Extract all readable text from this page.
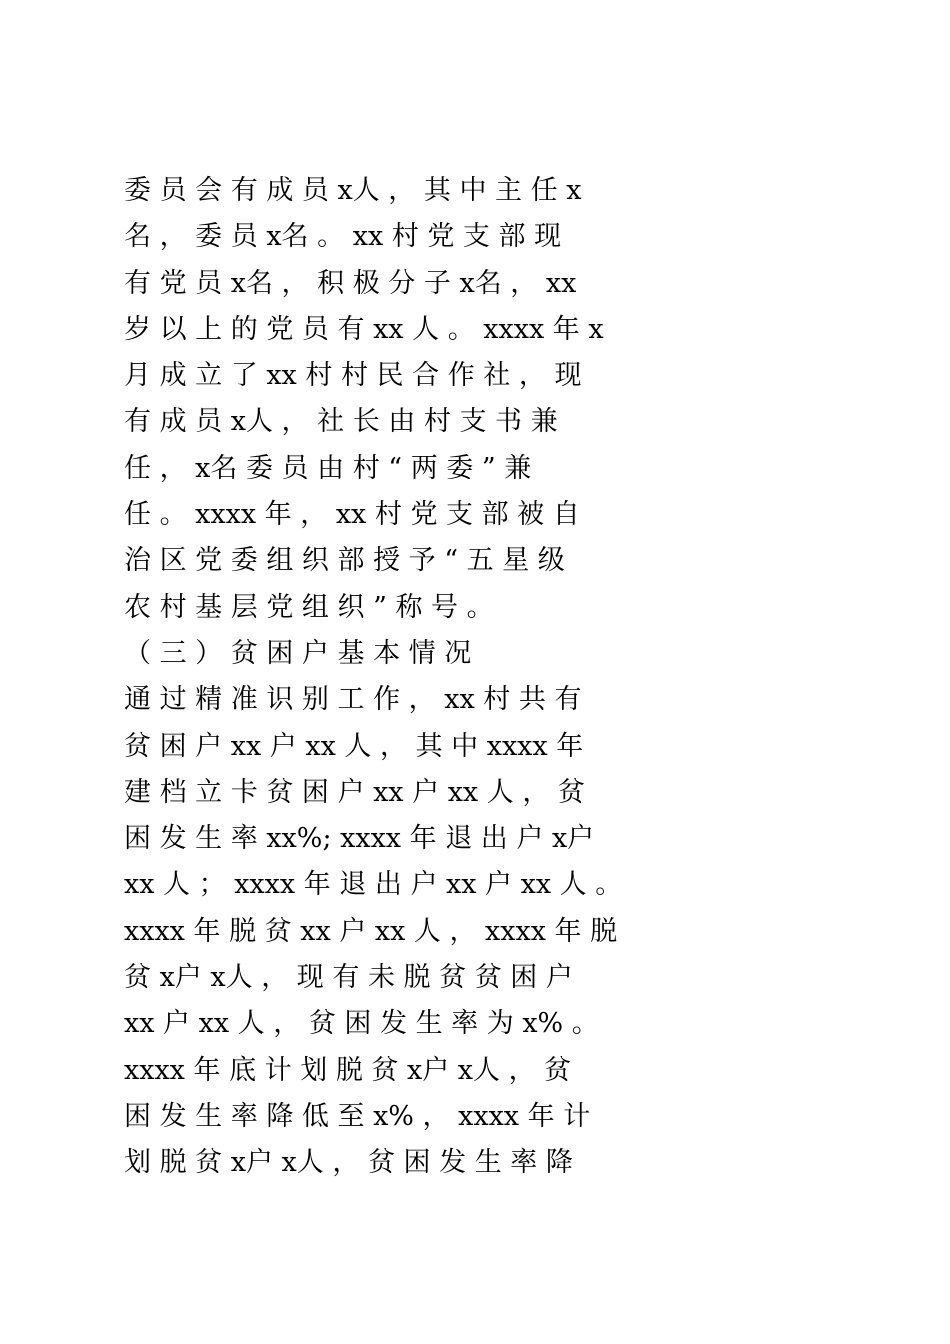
委 员 会 有 成 员 x人 ， 其 中 主 任 x
名 ， 委 员 x名 。 xx 村 党 支 部 现
有 党 员 x名 ， 积 极 分 子 x名 ， xx
岁 以 上 的 党 员 有 xx 人 。 xxxx 年 x
月 成 立 了 xx 村 村 民 合 作 社 ， 现
有 成 员 x人 ， 社 长 由 村 支 书 兼
任 ， x名 委 员 由 村 “ 两 委 ” 兼
任 。 xxxx 年 ， xx 村 党 支 部 被 自
治 区 党 委 组 织 部 授 予 “ 五 星 级
农 村 基 层 党 组 织 ” 称 号 。
（ 三 ） 贫 困 户 基 本 情 况
通 过 精 准 识 别 工 作 ， xx 村 共 有
贫 困 户 xx 户 xx 人 ， 其 中 xxxx 年
建 档 立 卡 贫 困 户 xx 户 xx 人 ， 贫
困 发 生 率 xx%; xxxx 年 退 出 户 x户
xx 人 ； xxxx 年 退 出 户 xx 户 xx 人 。
xxxx 年 脱 贫 xx 户 xx 人 ， xxxx 年 脱
贫 x户 x人 ， 现 有 未 脱 贫 贫 困 户
xx 户 xx 人 ， 贫 困 发 生 率 为 x% 。
xxxx 年 底 计 划 脱 贫 x户 x人 ， 贫
困 发 生 率 降 低 至 x% ， xxxx 年 计
划 脱 贫 x户 x人 ， 贫 困 发 生 率 降
